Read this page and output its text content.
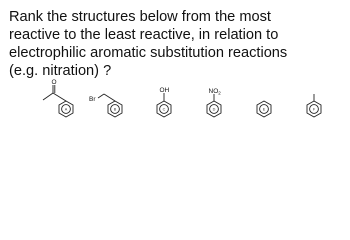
Rank the structures below from the most
reactive to the least reactive, in relation to
electrophilic aromatic substitution reactions
(e.g. nitration) ?
O
Br
OH	$NO_2$
A	B	C	D	E	F
